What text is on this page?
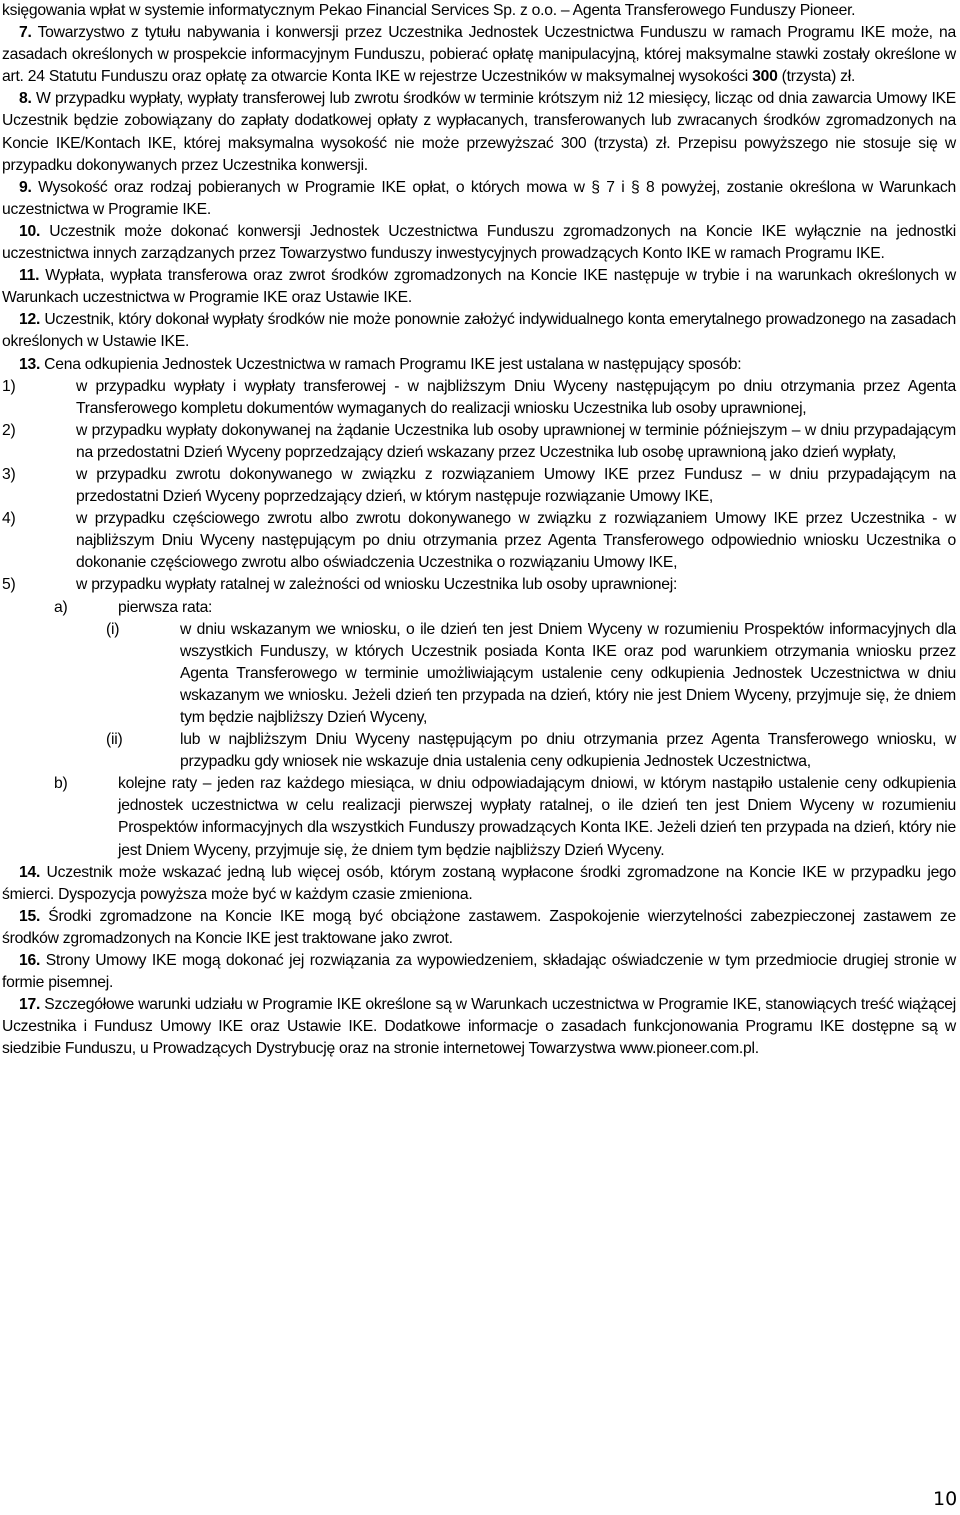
księgowania wpłat w systemie informatycznym Pekao Financial Services Sp. z o.o. – Agenta Transferowego Funduszy Pioneer.

7. Towarzystwo z tytułu nabywania i konwersji przez Uczestnika Jednostek Uczestnictwa Funduszu w ramach Programu IKE może, na zasadach określonych w prospekcie informacyjnym Funduszu, pobierać opłatę manipulacyjną, której maksymalne stawki zostały określone w art. 24 Statutu Funduszu oraz opłatę za otwarcie Konta IKE w rejestrze Uczestników w maksymalnej wysokości 300 (trzysta) zł.

8. W przypadku wypłaty, wypłaty transferowej lub zwrotu środków w terminie krótszym niż 12 miesięcy, licząc od dnia zawarcia Umowy IKE Uczestnik będzie zobowiązany do zapłaty dodatkowej opłaty z wypłacanych, transferowanych lub zwracanych środków zgromadzonych na Koncie IKE/Kontach IKE, której maksymalna wysokość nie może przewyższać 300 (trzysta) zł. Przepisu powyższego nie stosuje się w przypadku dokonywanych przez Uczestnika konwersji.

9. Wysokość oraz rodzaj pobieranych w Programie IKE opłat, o których mowa w § 7 i § 8 powyżej, zostanie określona w Warunkach uczestnictwa w Programie IKE.

10. Uczestnik może dokonać konwersji Jednostek Uczestnictwa Funduszu zgromadzonych na Koncie IKE wyłącznie na jednostki uczestnictwa innych zarządzanych przez Towarzystwo funduszy inwestycyjnych prowadzących Konto IKE w ramach Programu IKE.

11. Wypłata, wypłata transferowa oraz zwrot środków zgromadzonych na Koncie IKE następuje w trybie i na warunkach określonych w Warunkach uczestnictwa w Programie IKE oraz Ustawie IKE.

12. Uczestnik, który dokonał wypłaty środków nie może ponownie założyć indywidualnego konta emerytalnego prowadzonego na zasadach określonych w Ustawie IKE.

13. Cena odkupienia Jednostek Uczestnictwa w ramach Programu IKE jest ustalana w następujący sposób:

1)	w przypadku wypłaty i wypłaty transferowej - w najbliższym Dniu Wyceny następującym po dniu otrzymania przez Agenta Transferowego kompletu dokumentów wymaganych do realizacji wniosku Uczestnika lub osoby uprawnionej,

2)	w przypadku wypłaty dokonywanej na żądanie Uczestnika lub osoby uprawnionej w terminie późniejszym – w dniu przypadającym na przedostatni Dzień Wyceny poprzedzający dzień wskazany przez Uczestnika lub osobę uprawnioną jako dzień wypłaty,

3)	w przypadku zwrotu dokonywanego w związku z rozwiązaniem Umowy IKE przez Fundusz – w dniu przypadającym na przedostatni Dzień Wyceny poprzedzający dzień, w którym następuje rozwiązanie Umowy IKE,

4)	w przypadku częściowego zwrotu albo zwrotu dokonywanego w związku z rozwiązaniem Umowy IKE przez Uczestnika - w najbliższym Dniu Wyceny następującym po dniu otrzymania przez Agenta Transferowego odpowiednio wniosku Uczestnika o dokonanie częściowego zwrotu albo oświadczenia Uczestnika o rozwiązaniu Umowy IKE,

5)	w przypadku wypłaty ratalnej w zależności od wniosku Uczestnika lub osoby uprawnionej:

a)	pierwsza rata:

(i)	w dniu wskazanym we wniosku, o ile dzień ten jest Dniem Wyceny w rozumieniu Prospektów informacyjnych dla wszystkich Funduszy, w których Uczestnik posiada Konta IKE oraz pod warunkiem otrzymania wniosku przez Agenta Transferowego w terminie umożliwiającym ustalenie ceny odkupienia Jednostek Uczestnictwa w dniu wskazanym we wniosku. Jeżeli dzień ten przypada na dzień, który nie jest Dniem Wyceny, przyjmuje się, że dniem tym będzie najbliższy Dzień Wyceny,

(ii)	lub w najbliższym Dniu Wyceny następującym po dniu otrzymania przez Agenta Transferowego wniosku, w przypadku gdy wniosek nie wskazuje dnia ustalenia ceny odkupienia Jednostek Uczestnictwa,

b)	kolejne raty – jeden raz każdego miesiąca, w dniu odpowiadającym dniowi, w którym nastąpiło ustalenie ceny odkupienia jednostek uczestnictwa w celu realizacji pierwszej wypłaty ratalnej, o ile dzień ten jest Dniem Wyceny w rozumieniu Prospektów informacyjnych dla wszystkich Funduszy prowadzących Konta IKE. Jeżeli dzień ten przypada na dzień, który nie jest Dniem Wyceny, przyjmuje się, że dniem tym będzie najbliższy Dzień Wyceny.

14. Uczestnik może wskazać jedną lub więcej osób, którym zostaną wypłacone środki zgromadzone na Koncie IKE w przypadku jego śmierci. Dyspozycja powyższa może być w każdym czasie zmieniona.

15. Środki zgromadzone na Koncie IKE mogą być obciążone zastawem. Zaspokojenie wierzytelności zabezpieczonej zastawem ze środków zgromadzonych na Koncie IKE jest traktowane jako zwrot.

16. Strony Umowy IKE mogą dokonać jej rozwiązania za wypowiedzeniem, składając oświadczenie w tym przedmiocie drugiej stronie w formie pisemnej.

17. Szczegółowe warunki udziału w Programie IKE określone są w Warunkach uczestnictwa w Programie IKE, stanowiących treść wiążącej Uczestnika i Fundusz Umowy IKE oraz Ustawie IKE. Dodatkowe informacje o zasadach funkcjonowania Programu IKE dostępne są w siedzibie Funduszu, u Prowadzących Dystrybucję oraz na stronie internetowej Towarzystwa www.pioneer.com.pl.

10
